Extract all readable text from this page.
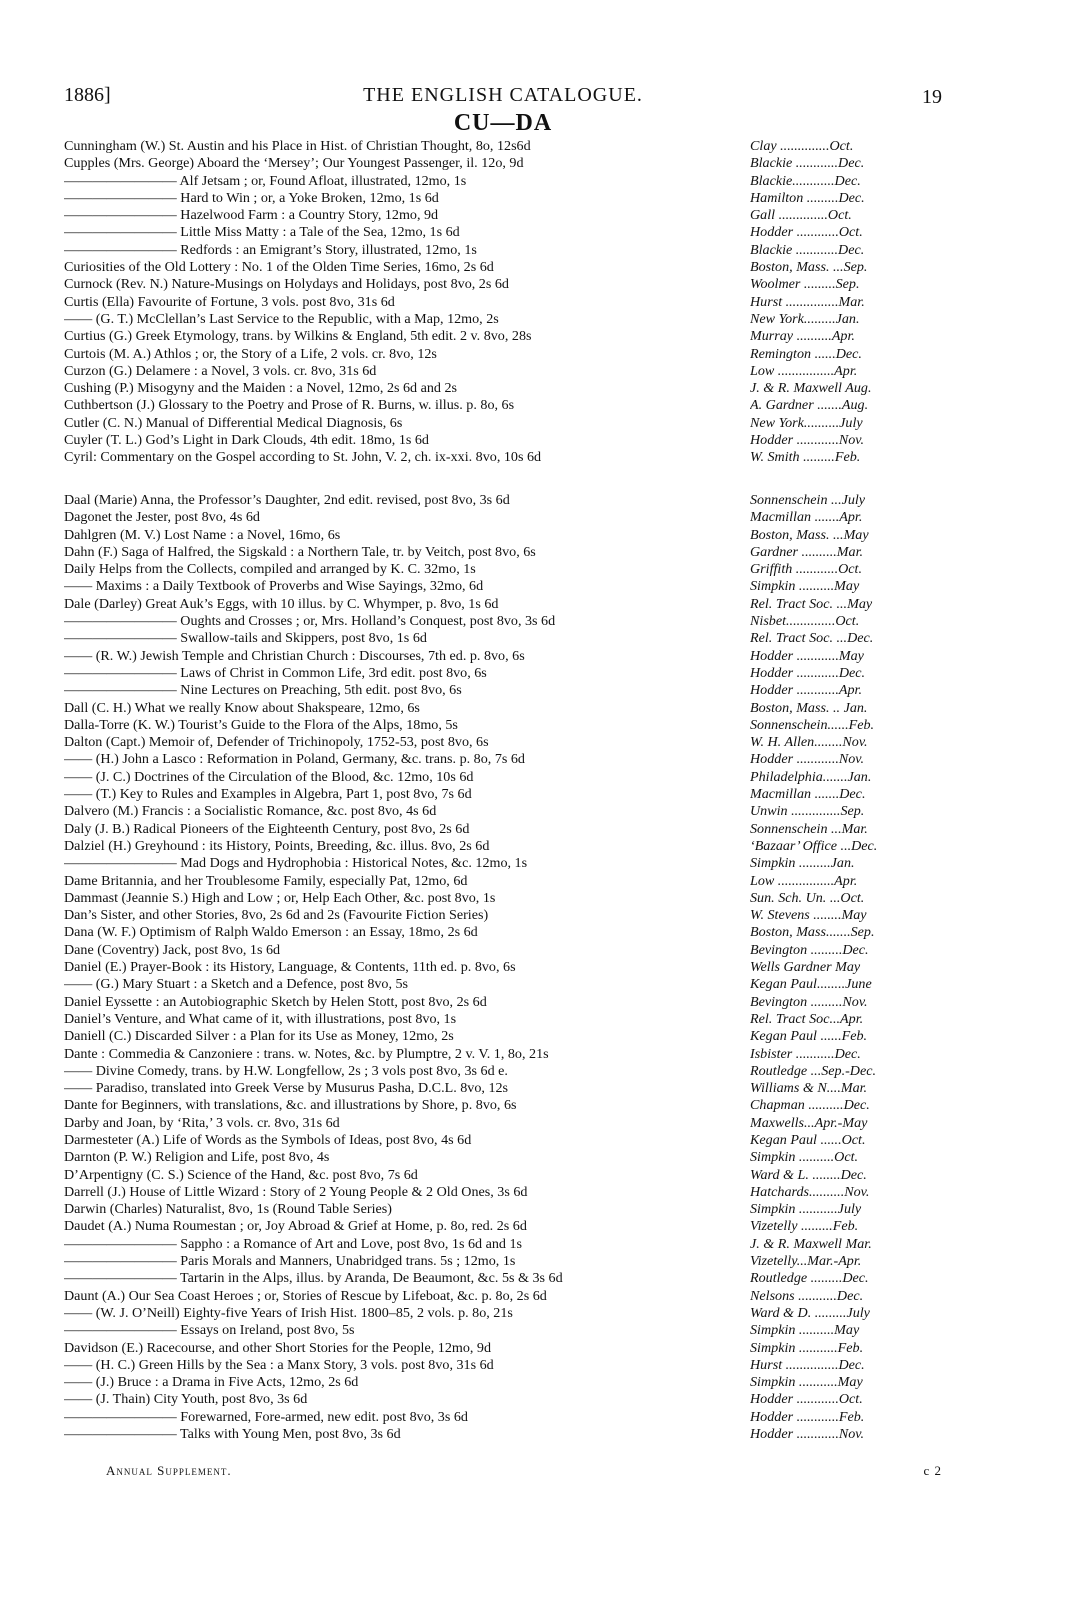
1886]	THE ENGLISH CATALOGUE.	19
CU—DA
Cunningham (W.) St. Austin and his Place in Hist. of Christian Thought, 8o, 12s6d	Clay ..............Oct.
Cupples (Mrs. George) Aboard the ‘Mersey’; Our Youngest Passenger, il. 12o, 9d	Blackie ............Dec.
———————— Alf Jetsam ; or, Found Afloat, illustrated, 12mo, 1s	Blackie............Dec.
———————— Hard to Win ; or, a Yoke Broken, 12mo, 1s 6d	Hamilton .........Dec.
———————— Hazelwood Farm : a Country Story, 12mo, 9d	Gall ..............Oct.
———————— Little Miss Matty : a Tale of the Sea, 12mo, 1s 6d	Hodder ............Oct.
———————— Redfords : an Emigrant’s Story, illustrated, 12mo, 1s	Blackie ............Dec.
Curiosities of the Old Lottery : No. 1 of the Olden Time Series, 16mo, 2s 6d	Boston, Mass. ...Sep.
Curnock (Rev. N.) Nature-Musings on Holydays and Holidays, post 8vo, 2s 6d	Woolmer .........Sep.
Curtis (Ella) Favourite of Fortune, 3 vols. post 8vo, 31s 6d	Hurst ...............Mar.
—— (G. T.) McClellan’s Last Service to the Republic, with a Map, 12mo, 2s	New York.........Jan.
Curtius (G.) Greek Etymology, trans. by Wilkins & England, 5th edit. 2 v. 8vo, 28s	Murray ..........Apr.
Curtois (M. A.) Athlos ; or, the Story of a Life, 2 vols. cr. 8vo, 12s	Remington ......Dec.
Curzon (G.) Delamere : a Novel, 3 vols. cr. 8vo, 31s 6d	Low ................Apr.
Cushing (P.) Misogyny and the Maiden : a Novel, 12mo, 2s 6d and 2s	J. & R. Maxwell Aug.
Cuthbertson (J.) Glossary to the Poetry and Prose of R. Burns, w. illus. p. 8o, 6s	A. Gardner .......Aug.
Cutler (C. N.) Manual of Differential Medical Diagnosis, 6s	New York..........July
Cuyler (T. L.) God’s Light in Dark Clouds, 4th edit. 18mo, 1s 6d	Hodder ............Nov.
Cyril: Commentary on the Gospel according to St. John, V. 2, ch. ix-xxi. 8vo, 10s 6d	W. Smith .........Feb.
Daal (Marie) Anna, the Professor’s Daughter, 2nd edit. revised, post 8vo, 3s 6d	Sonnenschein ...July
Dagonet the Jester, post 8vo, 4s 6d	Macmillan .......Apr.
Dahlgren (M. V.) Lost Name : a Novel, 16mo, 6s	Boston, Mass. ...May
Dahn (F.) Saga of Halfred, the Sigskald : a Northern Tale, tr. by Veitch, post 8vo, 6s	Gardner ..........Mar.
Daily Helps from the Collects, compiled and arranged by K. C. 32mo, 1s	Griffith ............Oct.
—— Maxims : a Daily Textbook of Proverbs and Wise Sayings, 32mo, 6d	Simpkin ..........May
Dale (Darley) Great Auk’s Eggs, with 10 illus. by C. Whymper, p. 8vo, 1s 6d	Rel. Tract Soc. ...May
———————— Oughts and Crosses ; or, Mrs. Holland’s Conquest, post 8vo, 3s 6d	Nisbet..............Oct.
———————— Swallow-tails and Skippers, post 8vo, 1s 6d	Rel. Tract Soc. ...Dec.
—— (R. W.) Jewish Temple and Christian Church : Discourses, 7th ed. p. 8vo, 6s	Hodder ............May
———————— Laws of Christ in Common Life, 3rd edit. post 8vo, 6s	Hodder ............Dec.
———————— Nine Lectures on Preaching, 5th edit. post 8vo, 6s	Hodder ............Apr.
Dall (C. H.) What we really Know about Shakspeare, 12mo, 6s	Boston, Mass. .. Jan.
Dalla-Torre (K. W.) Tourist’s Guide to the Flora of the Alps, 18mo, 5s	Sonnenschein......Feb.
Dalton (Capt.) Memoir of, Defender of Trichinopoly, 1752-53, post 8vo, 6s	W. H. Allen........Nov.
—— (H.) John a Lasco : Reformation in Poland, Germany, &c. trans. p. 8o, 7s 6d	Hodder ............Nov.
—— (J. C.) Doctrines of the Circulation of the Blood, &c. 12mo, 10s 6d	Philadelphia.......Jan.
—— (T.) Key to Rules and Examples in Algebra, Part 1, post 8vo, 7s 6d	Macmillan .......Dec.
Dalvero (M.) Francis : a Socialistic Romance, &c. post 8vo, 4s 6d	Unwin ..............Sep.
Daly (J. B.) Radical Pioneers of the Eighteenth Century, post 8vo, 2s 6d	Sonnenschein ...Mar.
Dalziel (H.) Greyhound : its History, Points, Breeding, &c. illus. 8vo, 2s 6d	‘Bazaar’ Office ...Dec.
———————— Mad Dogs and Hydrophobia : Historical Notes, &c. 12mo, 1s	Simpkin .........Jan.
Dame Britannia, and her Troublesome Family, especially Pat, 12mo, 6d	Low ................Apr.
Dammast (Jeannie S.) High and Low ; or, Help Each Other, &c. post 8vo, 1s	Sun. Sch. Un. ...Oct.
Dan’s Sister, and other Stories, 8vo, 2s 6d and 2s (Favourite Fiction Series)	W. Stevens ........May
Dana (W. F.) Optimism of Ralph Waldo Emerson : an Essay, 18mo, 2s 6d	Boston, Mass.......Sep.
Dane (Coventry) Jack, post 8vo, 1s 6d	Bevington .........Dec.
Daniel (E.) Prayer-Book : its History, Language, & Contents, 11th ed. p. 8vo, 6s	Wells Gardner May
—— (G.) Mary Stuart : a Sketch and a Defence, post 8vo, 5s	Kegan Paul........June
Daniel Eyssette : an Autobiographic Sketch by Helen Stott, post 8vo, 2s 6d	Bevington .........Nov.
Daniel’s Venture, and What came of it, with illustrations, post 8vo, 1s	Rel. Tract Soc...Apr.
Daniell (C.) Discarded Silver : a Plan for its Use as Money, 12mo, 2s	Kegan Paul ......Feb.
Dante : Commedia & Canzoniere : trans. w. Notes, &c. by Plumptre, 2 v. V. 1, 8o, 21s	Isbister ...........Dec.
—— Divine Comedy, trans. by H.W. Longfellow, 2s ; 3 vols post 8vo, 3s 6d e.	Routledge ...Sep.-Dec.
—— Paradiso, translated into Greek Verse by Musurus Pasha, D.C.L. 8vo, 12s	Williams & N....Mar.
Dante for Beginners, with translations, &c. and illustrations by Shore, p. 8vo, 6s	Chapman ..........Dec.
Darby and Joan, by ‘Rita,’ 3 vols. cr. 8vo, 31s 6d	Maxwells...Apr.-May
Darmesteter (A.) Life of Words as the Symbols of Ideas, post 8vo, 4s 6d	Kegan Paul ......Oct.
Darnton (P. W.) Religion and Life, post 8vo, 4s	Simpkin ..........Oct.
D’Arpentigny (C. S.) Science of the Hand, &c. post 8vo, 7s 6d	Ward & L. ........Dec.
Darrell (J.) House of Little Wizard : Story of 2 Young People & 2 Old Ones, 3s 6d	Hatchards..........Nov.
Darwin (Charles) Naturalist, 8vo, 1s (Round Table Series)	Simpkin ...........July
Daudet (A.) Numa Roumestan ; or, Joy Abroad & Grief at Home, p. 8o, red. 2s 6d	Vizetelly .........Feb.
———————— Sappho : a Romance of Art and Love, post 8vo, 1s 6d and 1s	J. & R. Maxwell Mar.
———————— Paris Morals and Manners, Unabridged trans. 5s ; 12mo, 1s	Vizetelly...Mar.-Apr.
———————— Tartarin in the Alps, illus. by Aranda, De Beaumont, &c. 5s & 3s 6d	Routledge .........Dec.
Daunt (A.) Our Sea Coast Heroes ; or, Stories of Rescue by Lifeboat, &c. p. 8o, 2s 6d	Nelsons ...........Dec.
—— (W. J. O’Neill) Eighty-five Years of Irish Hist. 1800–85, 2 vols. p. 8o, 21s	Ward & D. .........July
———————— Essays on Ireland, post 8vo, 5s	Simpkin ..........May
Davidson (E.) Racecourse, and other Short Stories for the People, 12mo, 9d	Simpkin ...........Feb.
—— (H. C.) Green Hills by the Sea : a Manx Story, 3 vols. post 8vo, 31s 6d	Hurst ...............Dec.
—— (J.) Bruce : a Drama in Five Acts, 12mo, 2s 6d	Simpkin ...........May
—— (J. Thain) City Youth, post 8vo, 3s 6d	Hodder ............Oct.
———————— Forewarned, Fore-armed, new edit. post 8vo, 3s 6d	Hodder ............Feb.
———————— Talks with Young Men, post 8vo, 3s 6d	Hodder ............Nov.
Annual Supplement.	c 2
